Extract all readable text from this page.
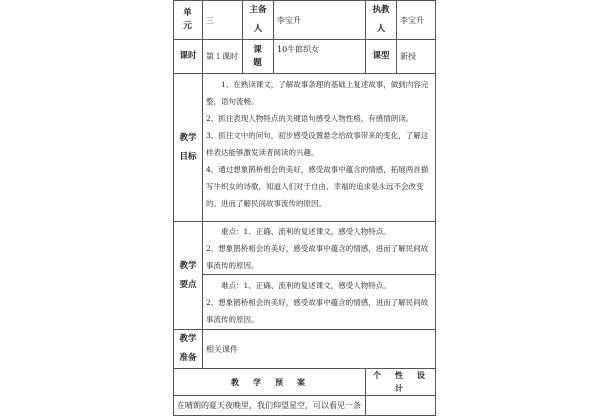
单　元	三	主备人	李宝升	执教人	李宝升
课时	第１课时	课　题	10牛郎织女	课型	新授
教学目标	1、在熟读课文，了解故事条理的基础上复述故事，做到内容完整，语句流畅。

2、抓住表现人物特点的关键语句感受人物性格，有感情朗读。

3、抓住文中的问句，初步感受设置悬念给故事带来的变化，了解这样表达能够激发读者阅读的兴趣。

4、通过想象鹊桥相会的美好，感受故事中蕴含的情感，拓展两首描写牛织女的诗歌，知道人们对于自由、幸福的追求是永远不会改变的。进而了解民间故事流传的原因。				

教学要点	重点：1、正确、流利的复述课文，感受人物特点。

2、想象鹊桥相会的美好，感受故事中蕴含的情感，进而了解民间故事流传的原因。				

	难点：1、正确、流利的复述课文，感受人物特点。

2、想象鹊桥相会的美好，感受故事中蕴含的情感，进而了解民间故事流传的原因。				

教学准备	相关课件				
教　学　预　案				个　性　设　计	
在晴朗的夏天夜晚里，我们仰望星空，可以看见一条					
